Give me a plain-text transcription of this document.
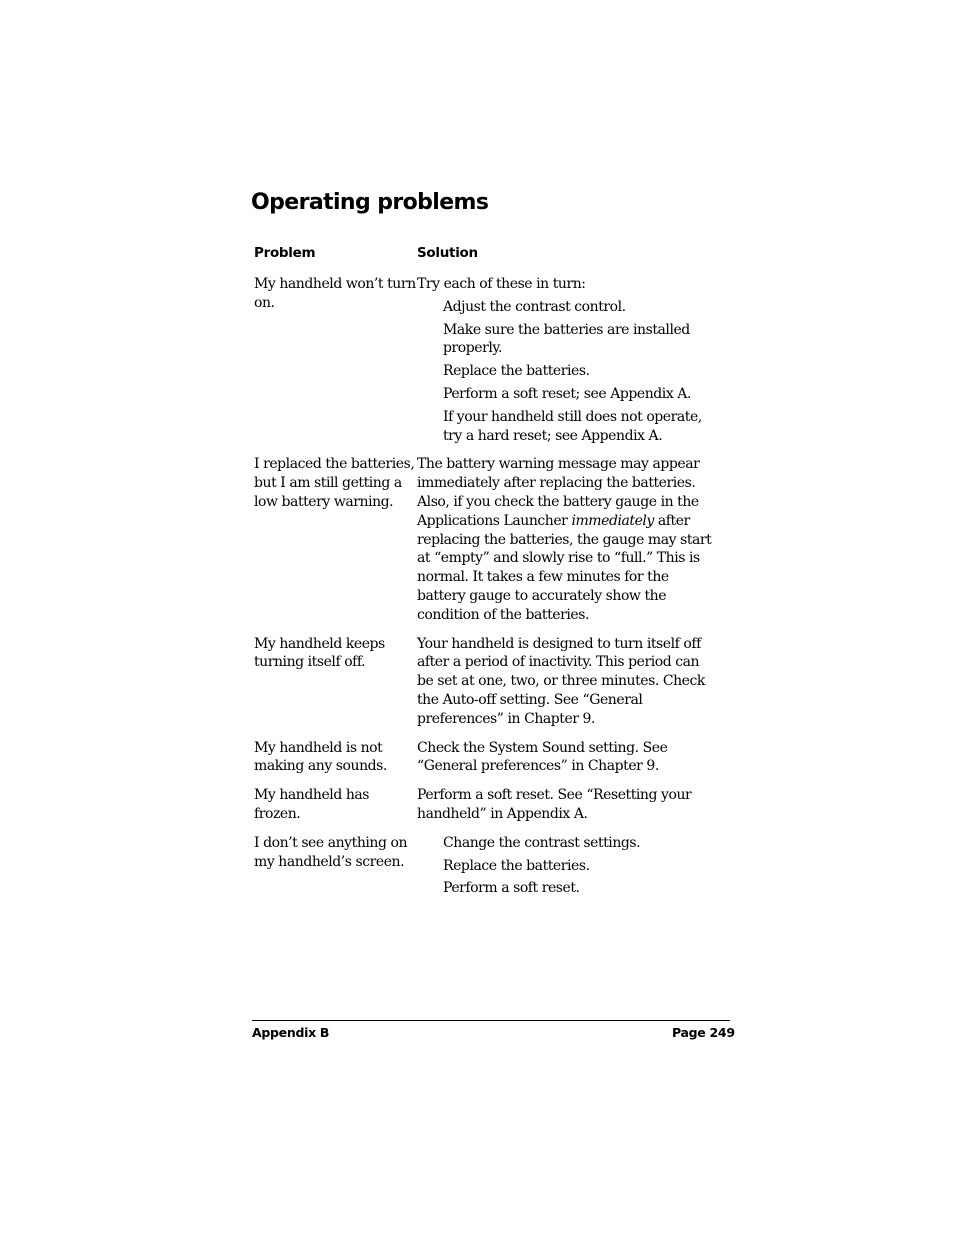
Operating problems
Problem	Solution
My handheld won’t turn on.
Try each of these in turn:
Adjust the contrast control.
Make sure the batteries are installed properly.
Replace the batteries.
Perform a soft reset; see Appendix A.
If your handheld still does not operate, try a hard reset; see Appendix A.
I replaced the batteries, but I am still getting a low battery warning.
The battery warning message may appear immediately after replacing the batteries. Also, if you check the battery gauge in the Applications Launcher immediately after replacing the batteries, the gauge may start at “empty” and slowly rise to “full.” This is normal. It takes a few minutes for the battery gauge to accurately show the condition of the batteries.
My handheld keeps turning itself off.
Your handheld is designed to turn itself off after a period of inactivity. This period can be set at one, two, or three minutes. Check the Auto-off setting. See “General preferences” in Chapter 9.
My handheld is not making any sounds.
Check the System Sound setting. See “General preferences” in Chapter 9.
My handheld has frozen.
Perform a soft reset. See “Resetting your handheld” in Appendix A.
I don’t see anything on my handheld’s screen.
Change the contrast settings.
Replace the batteries.
Perform a soft reset.
Appendix B	Page 249
